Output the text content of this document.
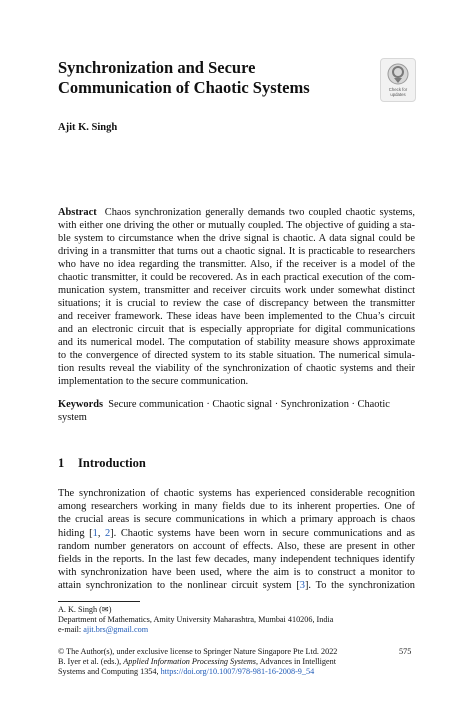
Synchronization and Secure
Communication of Chaotic Systems	Check for
updates

Ajit K. Singh

Abstract Chaos synchronization generally demands two coupled chaotic systems,
with either one driving the other or mutually coupled. The objective of guiding a sta-
ble system to circumstance when the drive signal is chaotic. A data signal could be
driving in a transmitter that turns out a chaotic signal. It is practicable to researchers
who have no idea regarding the transmitter. Also, if the receiver is a model of the
chaotic transmitter, it could be recovered. As in each practical execution of the com-
munication system, transmitter and receiver circuits work under somewhat distinct
situations; it is crucial to review the case of discrepancy between the transmitter
and receiver framework. These ideas have been implemented to the Chua’s circuit
and an electronic circuit that is especially appropriate for digital communications
and its numerical model. The computation of stability measure shows approximate
to the convergence of directed system to its stable situation. The numerical simula-
tion results reveal the viability of the synchronization of chaotic systems and their
implementation to the secure communication.
Keywords Secure communication · Chaotic signal · Synchronization · Chaotic
system
1 Introduction
The synchronization of chaotic systems has experienced considerable recognition
among researchers working in many fields due to its inherent properties. One of
the crucial areas is secure communications in which a primary approach is chaos
hiding [1, 2]. Chaotic systems have been worn in secure communications and as
random number generators on account of effects. Also, these are present in other
fields in the reports. In the last few decades, many independent techniques identify
with synchronization have been used, where the aim is to construct a monitor to
attain synchronization to the nonlinear circuit system [3]. To the synchronization
A. K. Singh (✉)
Department of Mathematics, Amity University Maharashtra, Mumbai 410206, India
e-mail: ajit.brs@gmail.com
© The Author(s), under exclusive license to Springer Nature Singapore Pte Ltd. 2022
B. Iyer et al. (eds.), Applied Information Processing Systems, Advances in Intelligent
Systems and Computing 1354, https://doi.org/10.1007/978-981-16-2008-9_54

575
